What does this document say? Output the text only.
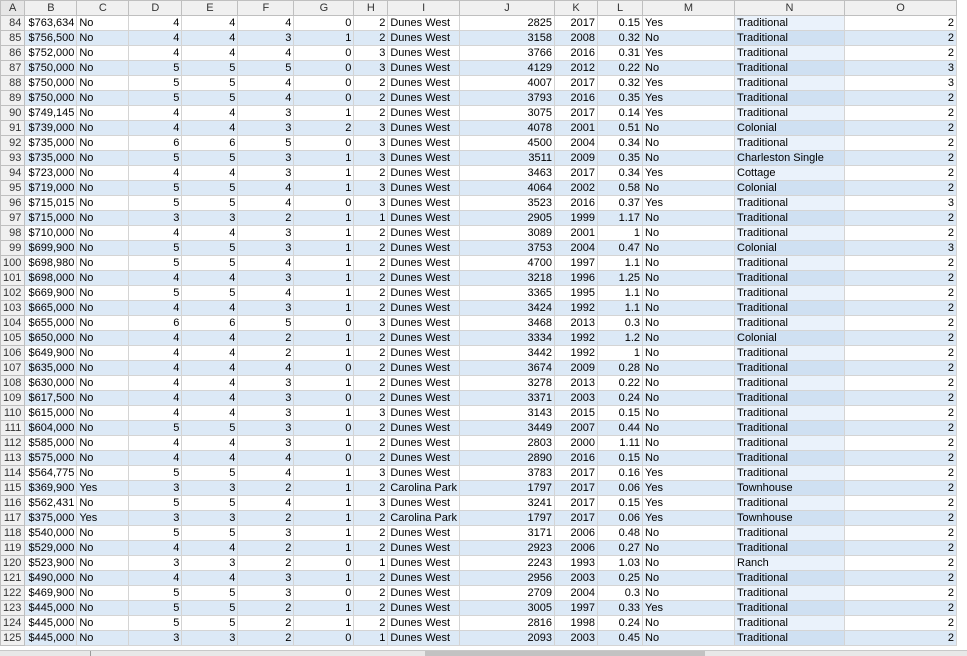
A	B	C	D	E	F	G	H	I	J	K	L	M	N	O
84	$763,634	No	4	4	4	0	2	Dunes West	2825	2017	0.15	Yes	Traditional	2
85	$756,500	No	4	4	3	1	2	Dunes West	3158	2008	0.32	No	Traditional	2
86	$752,000	No	4	4	4	0	3	Dunes West	3766	2016	0.31	Yes	Traditional	2
87	$750,000	No	5	5	5	0	3	Dunes West	4129	2012	0.22	No	Traditional	3
88	$750,000	No	5	5	4	0	2	Dunes West	4007	2017	0.32	Yes	Traditional	3
89	$750,000	No	5	5	4	0	2	Dunes West	3793	2016	0.35	Yes	Traditional	2
90	$749,145	No	4	4	3	1	2	Dunes West	3075	2017	0.14	Yes	Traditional	2
91	$739,000	No	4	4	3	2	3	Dunes West	4078	2001	0.51	No	Colonial	2
92	$735,000	No	6	6	5	0	3	Dunes West	4500	2004	0.34	No	Traditional	2
93	$735,000	No	5	5	3	1	3	Dunes West	3511	2009	0.35	No	Charleston Single	2
94	$723,000	No	4	4	3	1	2	Dunes West	3463	2017	0.34	Yes	Cottage	2
95	$719,000	No	5	5	4	1	3	Dunes West	4064	2002	0.58	No	Colonial	2
96	$715,015	No	5	5	4	0	3	Dunes West	3523	2016	0.37	Yes	Traditional	3
97	$715,000	No	3	3	2	1	1	Dunes West	2905	1999	1.17	No	Traditional	2
98	$710,000	No	4	4	3	1	2	Dunes West	3089	2001	1	No	Traditional	2
99	$699,900	No	5	5	3	1	2	Dunes West	3753	2004	0.47	No	Colonial	3
100	$698,980	No	5	5	4	1	2	Dunes West	4700	1997	1.1	No	Traditional	2
101	$698,000	No	4	4	3	1	2	Dunes West	3218	1996	1.25	No	Traditional	2
102	$669,900	No	5	5	4	1	2	Dunes West	3365	1995	1.1	No	Traditional	2
103	$665,000	No	4	4	3	1	2	Dunes West	3424	1992	1.1	No	Traditional	2
104	$655,000	No	6	6	5	0	3	Dunes West	3468	2013	0.3	No	Traditional	2
105	$650,000	No	4	4	2	1	2	Dunes West	3334	1992	1.2	No	Colonial	2
106	$649,900	No	4	4	2	1	2	Dunes West	3442	1992	1	No	Traditional	2
107	$635,000	No	4	4	4	0	2	Dunes West	3674	2009	0.28	No	Traditional	2
108	$630,000	No	4	4	3	1	2	Dunes West	3278	2013	0.22	No	Traditional	2
109	$617,500	No	4	4	3	0	2	Dunes West	3371	2003	0.24	No	Traditional	2
110	$615,000	No	4	4	3	1	3	Dunes West	3143	2015	0.15	No	Traditional	2
111	$604,000	No	5	5	3	0	2	Dunes West	3449	2007	0.44	No	Traditional	2
112	$585,000	No	4	4	3	1	2	Dunes West	2803	2000	1.11	No	Traditional	2
113	$575,000	No	4	4	4	0	2	Dunes West	2890	2016	0.15	No	Traditional	2
114	$564,775	No	5	5	4	1	3	Dunes West	3783	2017	0.16	Yes	Traditional	2
115	$369,900	Yes	3	3	2	1	2	Carolina Park	1797	2017	0.06	Yes	Townhouse	2
116	$562,431	No	5	5	4	1	3	Dunes West	3241	2017	0.15	Yes	Traditional	2
117	$375,000	Yes	3	3	2	1	2	Carolina Park	1797	2017	0.06	Yes	Townhouse	2
118	$540,000	No	5	5	3	1	2	Dunes West	3171	2006	0.48	No	Traditional	2
119	$529,000	No	4	4	2	1	2	Dunes West	2923	2006	0.27	No	Traditional	2
120	$523,900	No	3	3	2	0	1	Dunes West	2243	1993	1.03	No	Ranch	2
121	$490,000	No	4	4	3	1	2	Dunes West	2956	2003	0.25	No	Traditional	2
122	$469,900	No	5	5	3	0	2	Dunes West	2709	2004	0.3	No	Traditional	2
123	$445,000	No	5	5	2	1	2	Dunes West	3005	1997	0.33	Yes	Traditional	2
124	$445,000	No	5	5	2	1	2	Dunes West	2816	1998	0.24	No	Traditional	2
125	$445,000	No	3	3	2	0	1	Dunes West	2093	2003	0.45	No	Traditional	2
